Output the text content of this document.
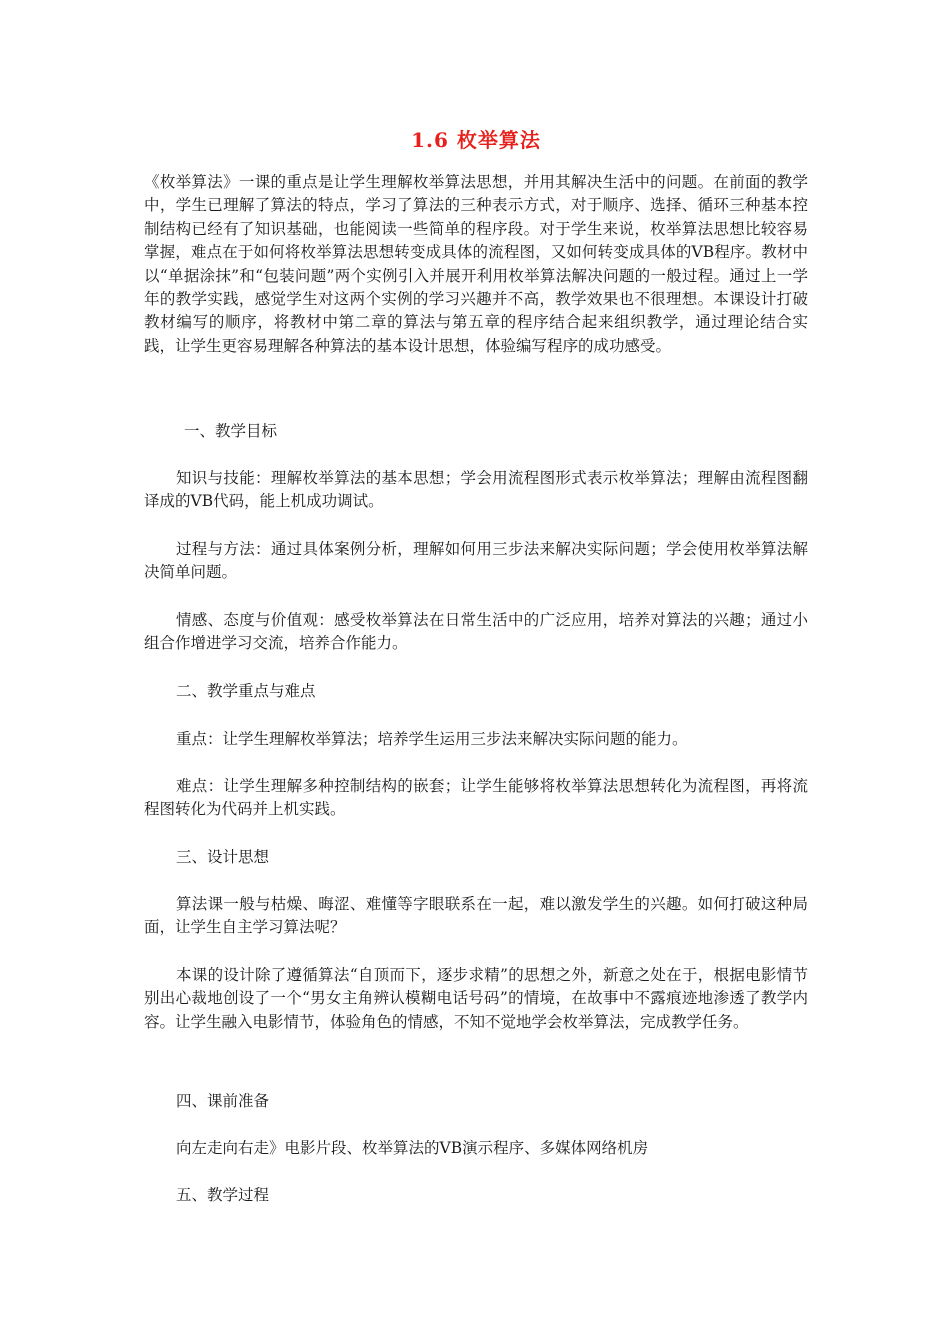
1.6 枚举算法

《枚举算法》一课的重点是让学生理解枚举算法思想，并用其解决生活中的问题。在前面的教学中，学生已理解了算法的特点，学习了算法的三种表示方式，对于顺序、选择、循环三种基本控制结构已经有了知识基础，也能阅读一些简单的程序段。对于学生来说，枚举算法思想比较容易掌握，难点在于如何将枚举算法思想转变成具体的流程图，又如何转变成具体的VB程序。教材中以“单据涂抹”和“包装问题”两个实例引入并展开利用枚举算法解决问题的一般过程。通过上一学年的教学实践，感觉学生对这两个实例的学习兴趣并不高，教学效果也不很理想。本课设计打破教材编写的顺序，将教材中第二章的算法与第五章的程序结合起来组织教学，通过理论结合实践，让学生更容易理解各种算法的基本设计思想，体验编写程序的成功感受。

一、教学目标

知识与技能：理解枚举算法的基本思想；学会用流程图形式表示枚举算法；理解由流程图翻译成的VB代码，能上机成功调试。

过程与方法：通过具体案例分析，理解如何用三步法来解决实际问题；学会使用枚举算法解决简单问题。

情感、态度与价值观：感受枚举算法在日常生活中的广泛应用，培养对算法的兴趣；通过小组合作增进学习交流，培养合作能力。

二、教学重点与难点

重点：让学生理解枚举算法；培养学生运用三步法来解决实际问题的能力。

难点：让学生理解多种控制结构的嵌套；让学生能够将枚举算法思想转化为流程图，再将流程图转化为代码并上机实践。

三、设计思想

算法课一般与枯燥、晦涩、难懂等字眼联系在一起，难以激发学生的兴趣。如何打破这种局面，让学生自主学习算法呢？

本课的设计除了遵循算法“自顶而下，逐步求精”的思想之外，新意之处在于，根据电影情节别出心裁地创设了一个“男女主角辨认模糊电话号码”的情境，在故事中不露痕迹地渗透了教学内容。让学生融入电影情节，体验角色的情感，不知不觉地学会枚举算法，完成教学任务。

四、课前准备

向左走向右走》电影片段、枚举算法的VB演示程序、多媒体网络机房

五、教学过程
